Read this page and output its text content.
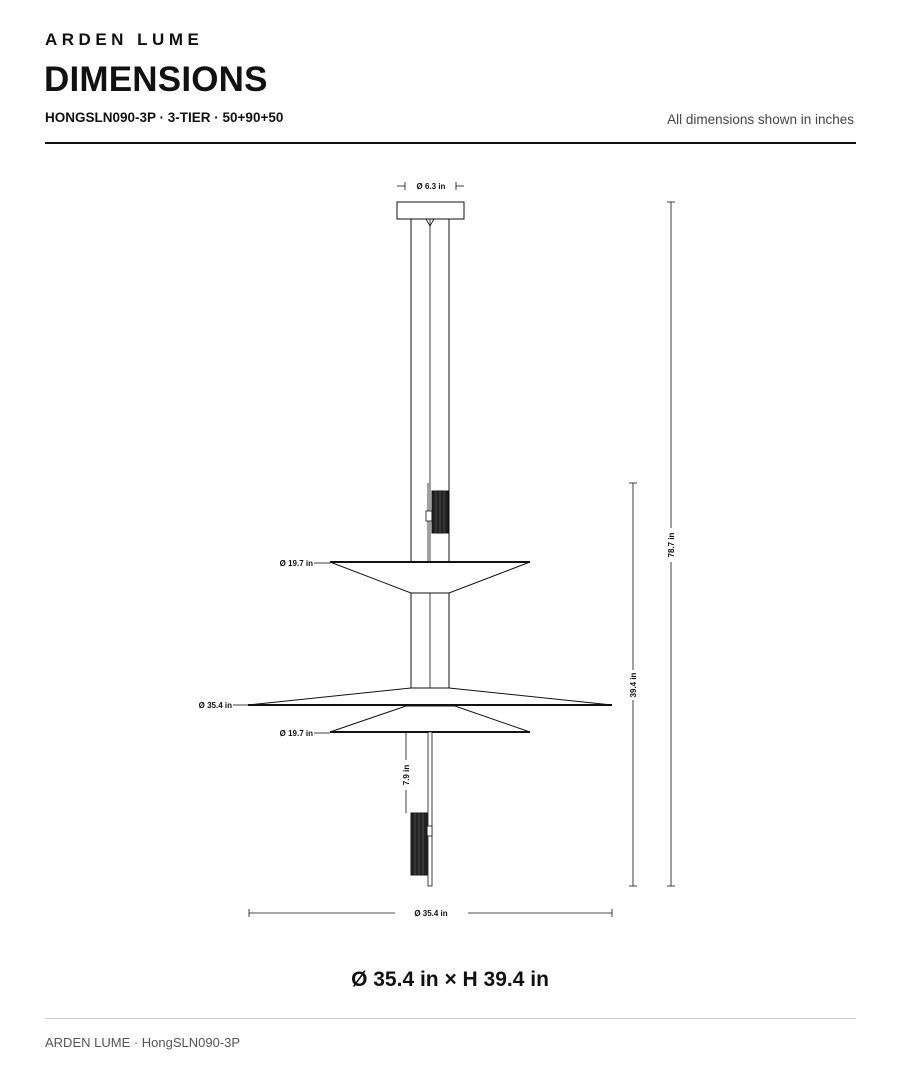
ARDEN LUME
DIMENSIONS
HONGSLN090-3P · 3-TIER · 50+90+50	All dimensions shown in inches
Ø 6.3 in
78.7 in
Ø 19.7 in
Ø 35.4 in
Ø 19.7 in
39.4 in
7.9 in
Ø 35.4 in
Ø 35.4 in × H 39.4 in
ARDEN LUME · HongSLN090-3P
